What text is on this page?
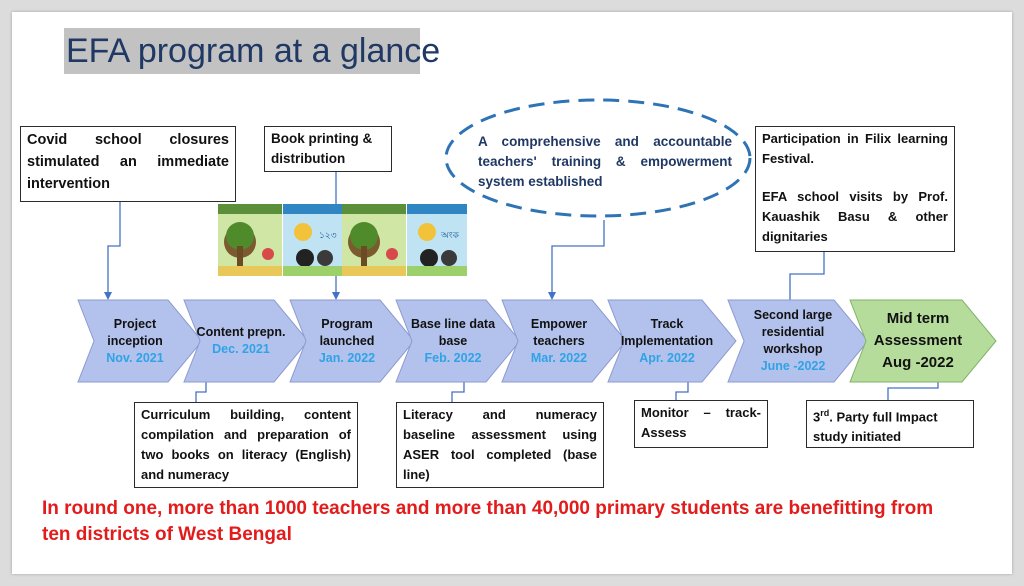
EFA program at a glance
১২৩	অংক
Project inception
Nov. 2021
Content prepn.
Dec. 2021
Program launched
Jan. 2022
Base line data base
Feb. 2022
Empower teachers
Mar. 2022
Track Implementation
Apr. 2022
Second large residential workshop
June -2022
Mid term Assessment
Aug -2022
Covid school closures stimulated an immediate intervention
Book printing & distribution
A comprehensive and accountable teachers' training & empowerment system established
Participation in Filix learning Festival.
EFA school visits by Prof. Kauashik Basu & other dignitaries
Curriculum building, content compilation and preparation of two books on literacy (English) and numeracy
Literacy and numeracy baseline assessment using ASER tool completed (base line)
Monitor – track-Assess
3rd. Party full Impact study initiated
In round one, more than 1000 teachers and more than 40,000 primary students are benefitting from ten districts of West Bengal
